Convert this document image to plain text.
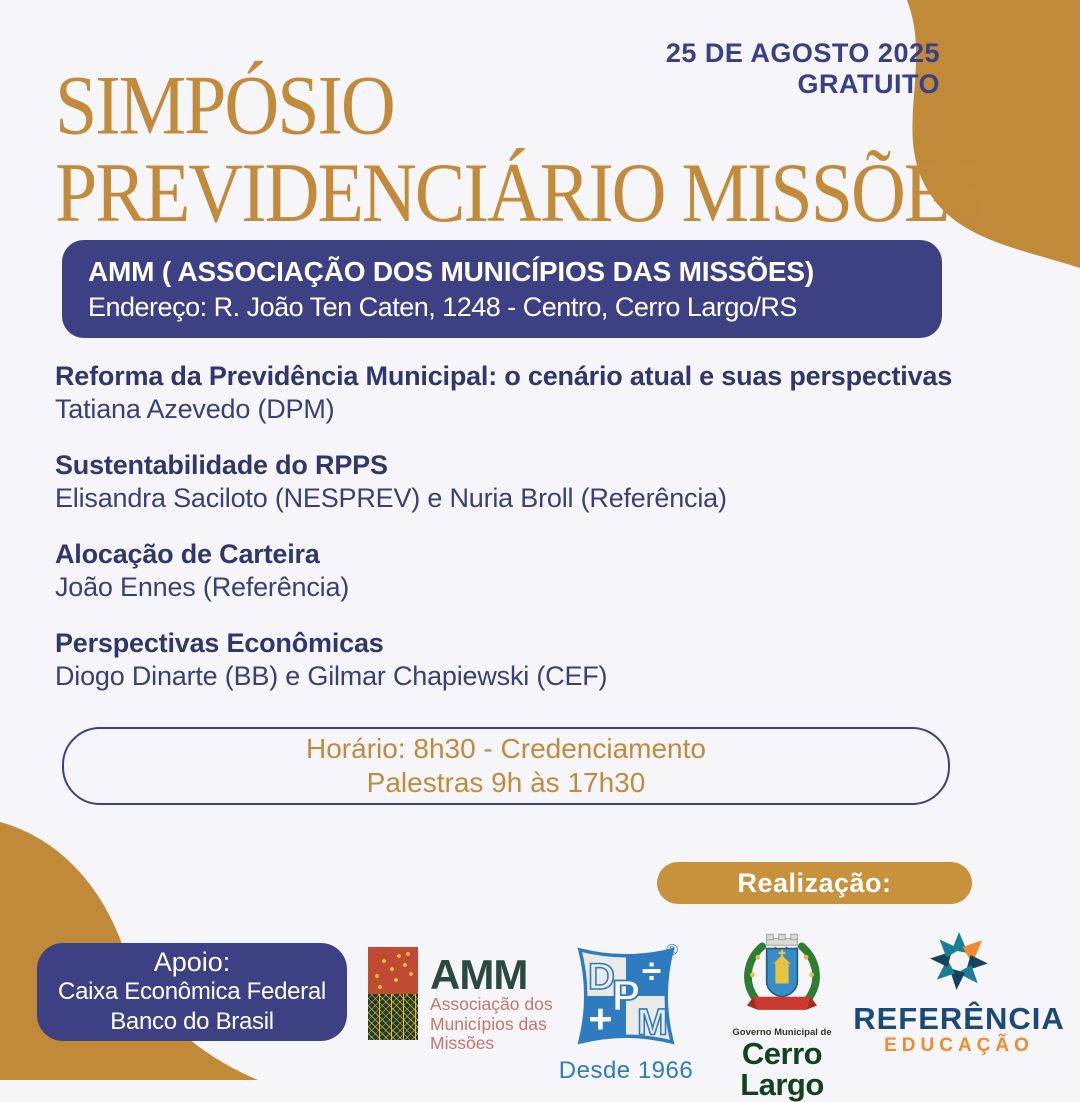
25 DE AGOSTO 2025
GRATUITO
SIMPÓSIO
PREVIDENCIÁRIO MISSÕES
AMM ( ASSOCIAÇÃO DOS MUNICÍPIOS DAS MISSÕES)
Endereço: R. João Ten Caten, 1248 - Centro, Cerro Largo/RS
Reforma da Previdência Municipal: o cenário atual e suas perspectivas
Tatiana Azevedo (DPM)
Sustentabilidade do RPPS
Elisandra Saciloto (NESPREV) e Nuria Broll (Referência)
Alocação de Carteira
João Ennes (Referência)
Perspectivas Econômicas
Diogo Dinarte (BB) e Gilmar Chapiewski (CEF)
Horário: 8h30 - Credenciamento
Palestras 9h às 17h30
Realização:
Apoio:
Caixa Econômica Federal
Banco do Brasil
AMM
Associação dos
Municípios das
Missões
D ÷
+ M
P
®
Desde 1966
Governo Municipal de
Cerro Largo
REFERÊNCIA
EDUCAÇÃO
